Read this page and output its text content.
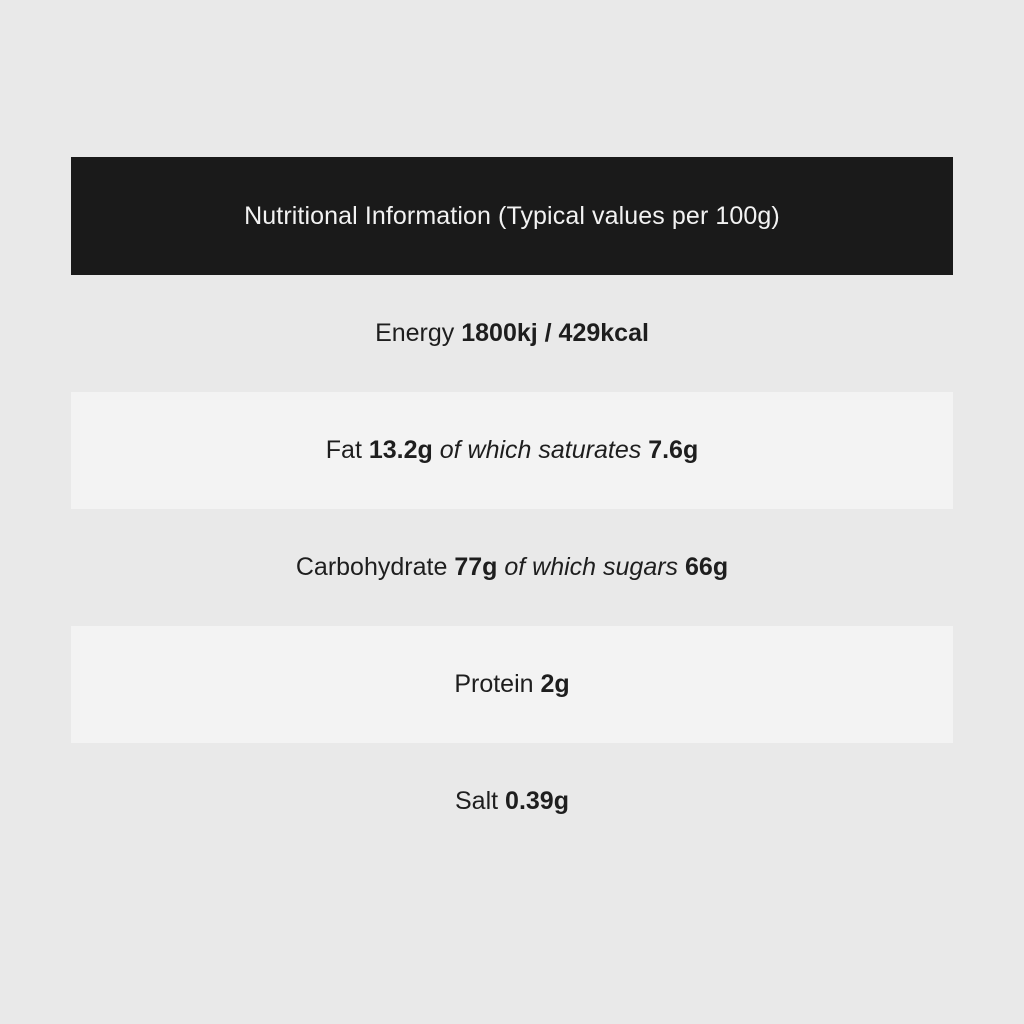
Nutritional Information (Typical values per 100g)
Energy 1800kj / 429kcal
Fat 13.2g of which saturates 7.6g
Carbohydrate 77g of which sugars 66g
Protein 2g
Salt 0.39g
